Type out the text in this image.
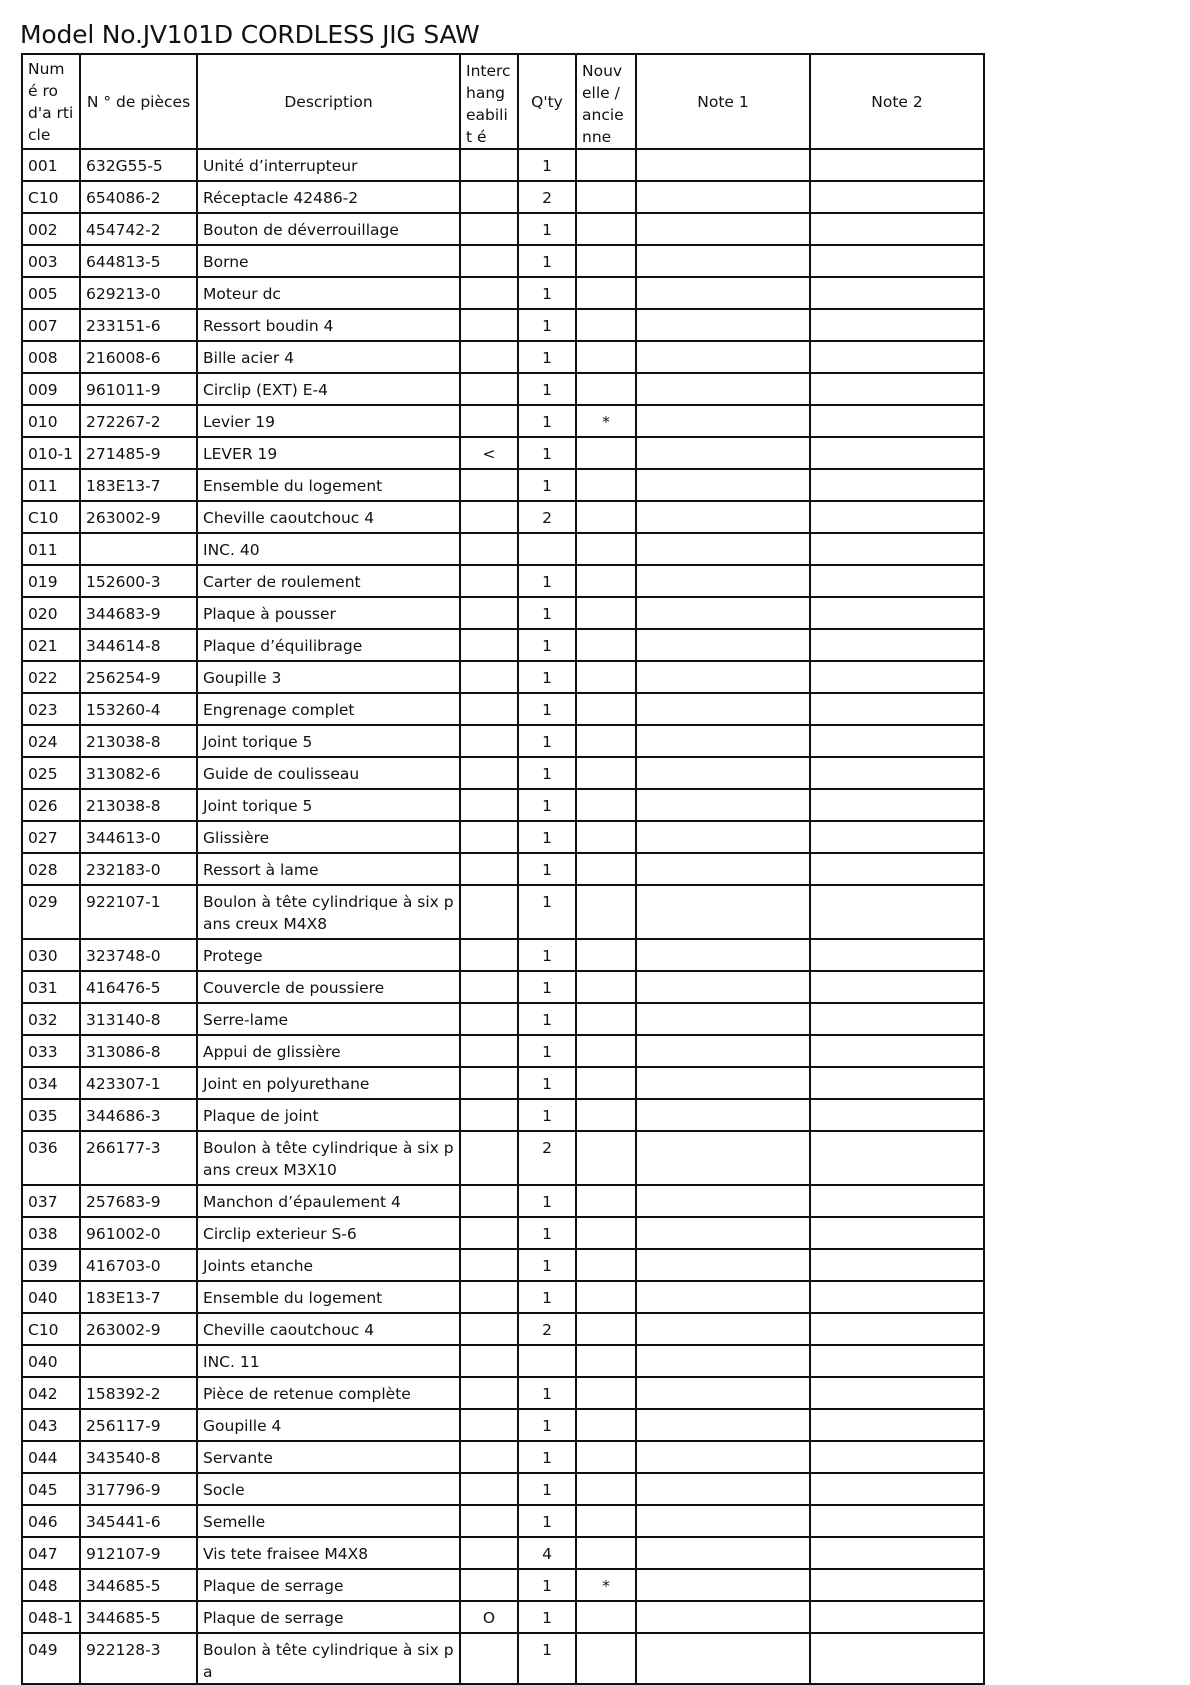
Model No.JV101D CORDLESS JIG SAW
Numé ro d'a rticle	N ° de pièces	Description	Interc hang eabilit é	Q'ty	Nouv elle / ancie nne	Note 1	Note 2
001	632G55-5	Unité d’interrupteur		1			
C10	654086-2	Réceptacle 42486-2		2			
002	454742-2	Bouton de déverrouillage		1			
003	644813-5	Borne		1			
005	629213-0	Moteur dc		1			
007	233151-6	Ressort boudin 4		1			
008	216008-6	Bille acier 4		1			
009	961011-9	Circlip (EXT) E-4		1			
010	272267-2	Levier 19		1	*		
010-1	271485-9	LEVER 19	<	1			
011	183E13-7	Ensemble du logement		1			
C10	263002-9	Cheville caoutchouc 4		2			
011		INC. 40					
019	152600-3	Carter de roulement		1			
020	344683-9	Plaque à pousser		1			
021	344614-8	Plaque d’équilibrage		1			
022	256254-9	Goupille 3		1			
023	153260-4	Engrenage complet		1			
024	213038-8	Joint torique 5		1			
025	313082-6	Guide de coulisseau		1			
026	213038-8	Joint torique 5		1			
027	344613-0	Glissière		1			
028	232183-0	Ressort à lame		1			
029	922107-1	Boulon à tête cylindrique à six pans creux M4X8		1			
030	323748-0	Protege		1			
031	416476-5	Couvercle de poussiere		1			
032	313140-8	Serre-lame		1			
033	313086-8	Appui de glissière		1			
034	423307-1	Joint en polyurethane		1			
035	344686-3	Plaque de joint		1			
036	266177-3	Boulon à tête cylindrique à six pans creux M3X10		2			
037	257683-9	Manchon d’épaulement 4		1			
038	961002-0	Circlip exterieur S-6		1			
039	416703-0	Joints etanche		1			
040	183E13-7	Ensemble du logement		1			
C10	263002-9	Cheville caoutchouc 4		2			
040		INC. 11					
042	158392-2	Pièce de retenue complète		1			
043	256117-9	Goupille 4		1			
044	343540-8	Servante		1			
045	317796-9	Socle		1			
046	345441-6	Semelle		1			
047	912107-9	Vis tete fraisee M4X8		4			
048	344685-5	Plaque de serrage		1	*		
048-1	344685-5	Plaque de serrage	O	1			
049	922128-3	Boulon à tête cylindrique à six pa		1			
